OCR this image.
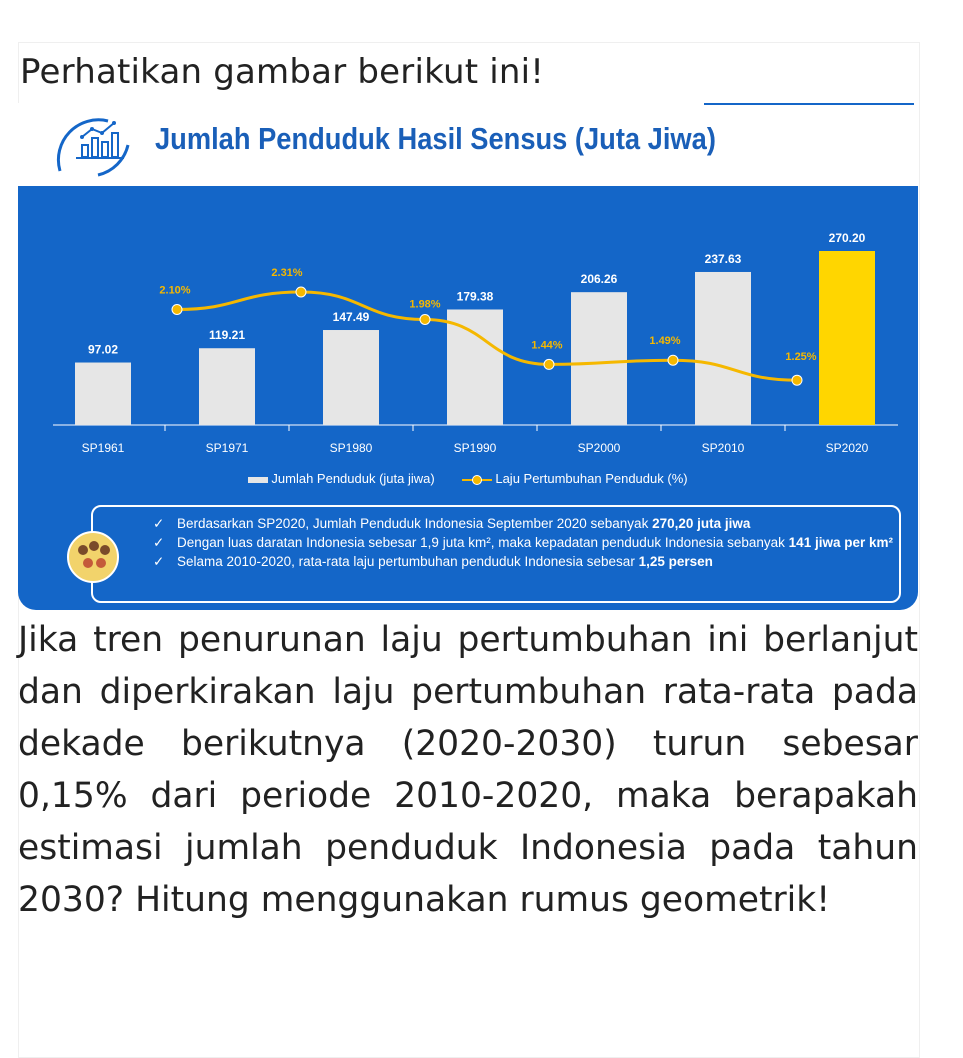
Perhatikan gambar berikut ini!
Jumlah Penduduk Hasil Sensus (Juta Jiwa)
97.02
SP1961
119.21
SP1971
147.49
SP1980
179.38
SP1990
206.26
SP2000
237.63
SP2010
270.20
SP2020
2.10%
2.31%
1.98%
1.44%	1.49%
1.25%
Jumlah Penduduk (juta jiwa)	Laju Pertumbuhan Penduduk (%)
✓ Berdasarkan SP2020, Jumlah Penduduk Indonesia September 2020 sebanyak 270,20 juta jiwa
✓ Dengan luas daratan Indonesia sebesar 1,9 juta km², maka kepadatan penduduk Indonesia sebanyak 141 jiwa per km²
✓ Selama 2010-2020, rata-rata laju pertumbuhan penduduk Indonesia sebesar 1,25 persen
Jika tren penurunan laju pertumbuhan ini berlanjut dan diperkirakan laju pertumbuhan rata-rata pada dekade berikutnya (2020-2030) turun sebesar 0,15% dari periode 2010-2020, maka berapakah estimasi jumlah penduduk Indonesia pada tahun 2030? Hitung menggunakan rumus geometrik!
